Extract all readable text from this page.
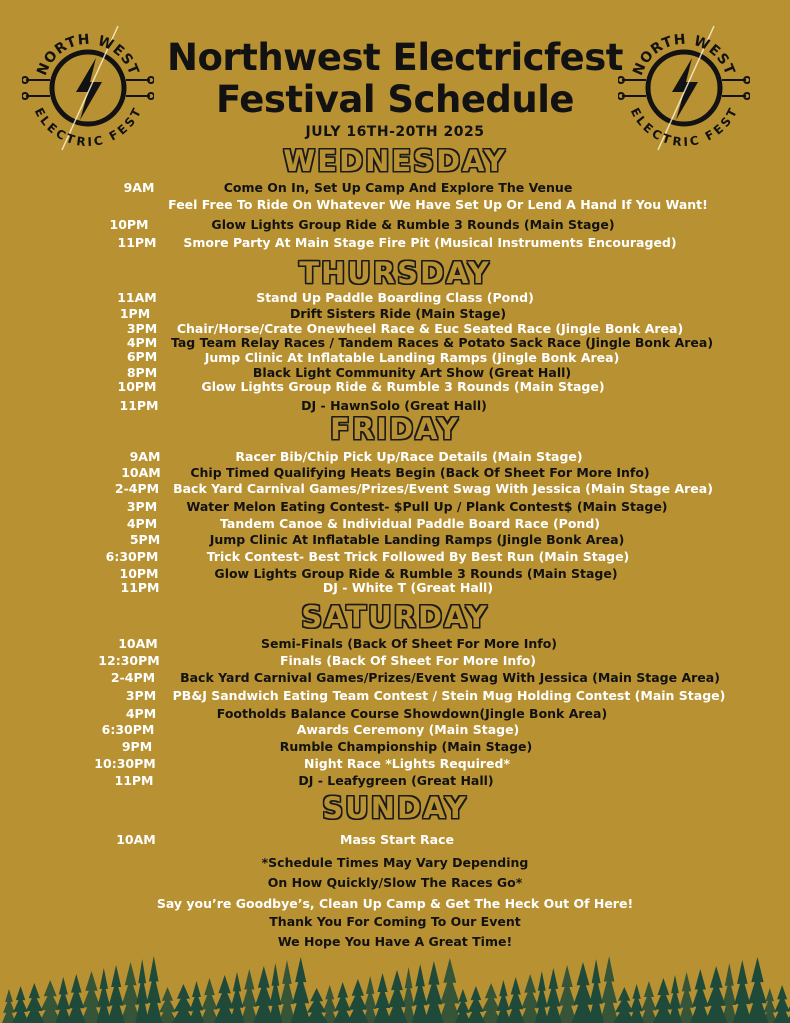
NORTH WEST
ELECTRIC FEST
NORTH WEST
ELECTRIC FEST
Northwest Electricfest
Festival Schedule
JULY 16TH-20TH 2025
WEDNESDAY
9AM	Come On In, Set Up Camp And Explore The Venue
Feel Free To Ride On Whatever We Have Set Up Or Lend A Hand If You Want!
10PM	Glow Lights Group Ride & Rumble 3 Rounds (Main Stage)
11PM	Smore Party At Main Stage Fire Pit (Musical Instruments Encouraged)
THURSDAY
11AM	Stand Up Paddle Boarding Class (Pond)
1PM	Drift Sisters Ride (Main Stage)
3PM	Chair/Horse/Crate Onewheel Race & Euc Seated Race (Jingle Bonk Area)
4PM	Tag Team Relay Races / Tandem Races & Potato Sack Race (Jingle Bonk Area)
6PM	Jump Clinic At Inflatable Landing Ramps (Jingle Bonk Area)
8PM	Black Light Community Art Show (Great Hall)
10PM	Glow Lights Group Ride & Rumble 3 Rounds (Main Stage)
11PM	DJ - HawnSolo (Great Hall)
FRIDAY
9AM	Racer Bib/Chip Pick Up/Race Details (Main Stage)
10AM	Chip Timed Qualifying Heats Begin (Back Of Sheet For More Info)
2-4PM	Back Yard Carnival Games/Prizes/Event Swag With Jessica (Main Stage Area)
3PM	Water Melon Eating Contest- $Pull Up / Plank Contest$ (Main Stage)
4PM	Tandem Canoe & Individual Paddle Board Race (Pond)
5PM	Jump Clinic At Inflatable Landing Ramps (Jingle Bonk Area)
6:30PM	Trick Contest- Best Trick Followed By Best Run (Main Stage)
10PM	Glow Lights Group Ride & Rumble 3 Rounds (Main Stage)
11PM	DJ - White T (Great Hall)
SATURDAY
10AM	Semi-Finals (Back Of Sheet For More Info)
12:30PM	Finals (Back Of Sheet For More Info)
2-4PM	Back Yard Carnival Games/Prizes/Event Swag With Jessica (Main Stage Area)
3PM	PB&J Sandwich Eating Team Contest / Stein Mug Holding Contest (Main Stage)
4PM	Footholds Balance Course Showdown(Jingle Bonk Area)
6:30PM	Awards Ceremony (Main Stage)
9PM	Rumble Championship (Main Stage)
10:30PM	Night Race *Lights Required*
11PM	DJ - Leafygreen (Great Hall)
SUNDAY
10AM	Mass Start Race
*Schedule Times May Vary Depending
On How Quickly/Slow The Races Go*
Say you’re Goodbye’s, Clean Up Camp & Get The Heck Out Of Here!
Thank You For Coming To Our Event
We Hope You Have A Great Time!
